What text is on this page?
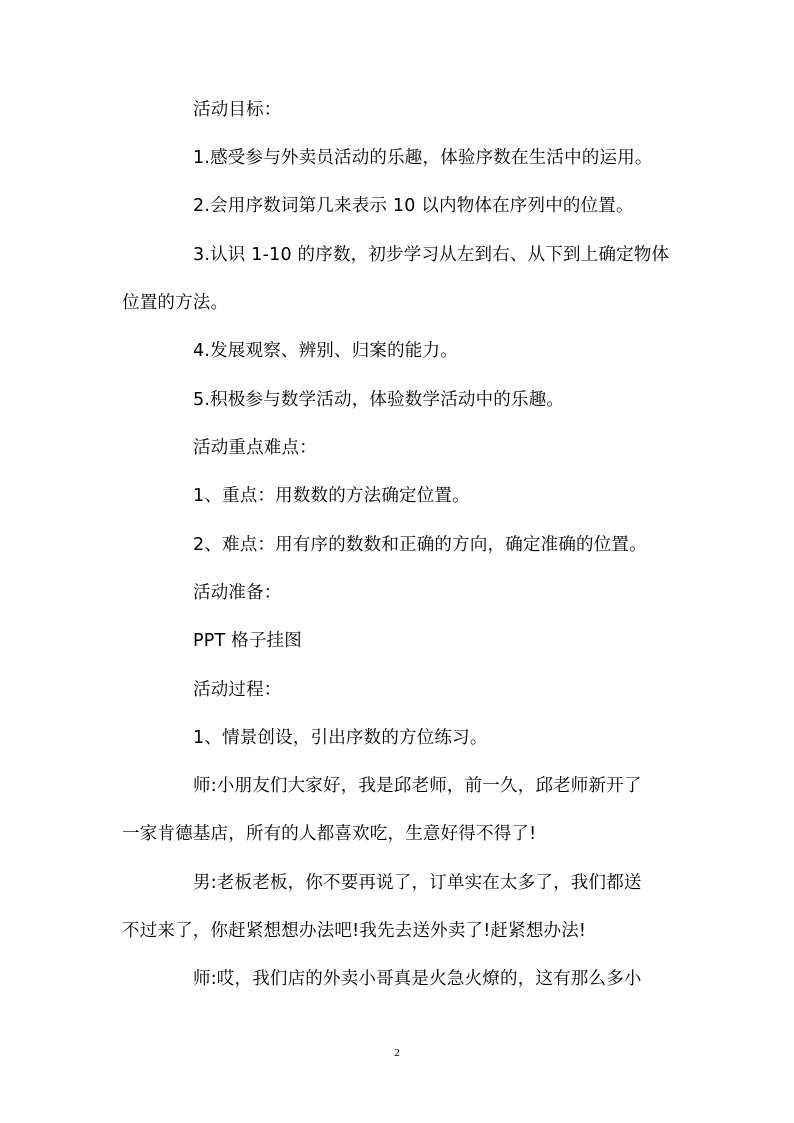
活动目标：
1.感受参与外卖员活动的乐趣，体验序数在生活中的运用。
2.会用序数词第几来表示 10 以内物体在序列中的位置。
3.认识 1-10 的序数，初步学习从左到右、从下到上确定物体
位置的方法。
4.发展观察、辨别、归案的能力。
5.积极参与数学活动，体验数学活动中的乐趣。
活动重点难点：
1、重点：用数数的方法确定位置。
2、难点：用有序的数数和正确的方向，确定准确的位置。
活动准备：
PPT 格子挂图
活动过程：
1、情景创设，引出序数的方位练习。
师:小朋友们大家好，我是邱老师，前一久，邱老师新开了
一家肯德基店，所有的人都喜欢吃，生意好得不得了!
男:老板老板，你不要再说了，订单实在太多了，我们都送
不过来了，你赶紧想想办法吧!我先去送外卖了!赶紧想办法!
师:哎，我们店的外卖小哥真是火急火燎的，这有那么多小
2
